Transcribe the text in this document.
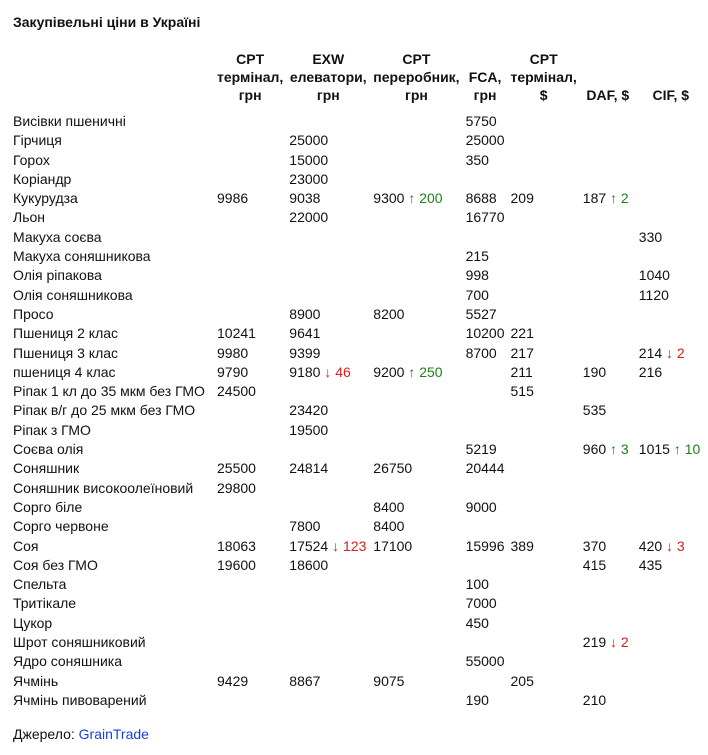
Закупівельні ціни в Україні
	CPT термінал, грн	EXW елеватори, грн	CPT переробник, грн	FCA, грн	CPT термінал, $	DAF, $	CIF, $
Висівки пшеничні				5750			
Гірчиця		25000		25000			
Горох		15000		350			
Коріандр		23000					
Кукурудза	9986	9038	9300 ↑ 200	8688	209	187 ↑ 2	
Льон		22000		16770			
Макуха соєва							330
Макуха соняшникова				215			
Олія ріпакова				998			1040
Олія соняшникова				700			1120
Просо		8900	8200	5527			
Пшениця 2 клас	10241	9641		10200	221		
Пшениця 3 клас	9980	9399		8700	217		214 ↓ 2
пшениця 4 клас	9790	9180 ↓ 46	9200 ↑ 250		211	190	216
Ріпак 1 кл до 35 мкм без ГМО	24500				515		
Ріпак в/г до 25 мкм без ГМО		23420				535	
Ріпак з ГМО		19500					
Соєва олія				5219		960 ↑ 3	1015 ↑ 10
Соняшник	25500	24814	26750	20444			
Соняшник високоолеїновий	29800						
Сорго біле			8400	9000			
Сорго червоне		7800	8400				
Соя	18063	17524 ↓ 123	17100	15996	389	370	420 ↓ 3
Соя без ГМО	19600	18600				415	435
Спельта				100			
Тритікале				7000			
Цукор				450			
Шрот соняшниковий						219 ↓ 2	
Ядро соняшника				55000			
Ячмінь	9429	8867	9075		205		
Ячмінь пивоварений				190		210	
Джерело: GrainTrade
